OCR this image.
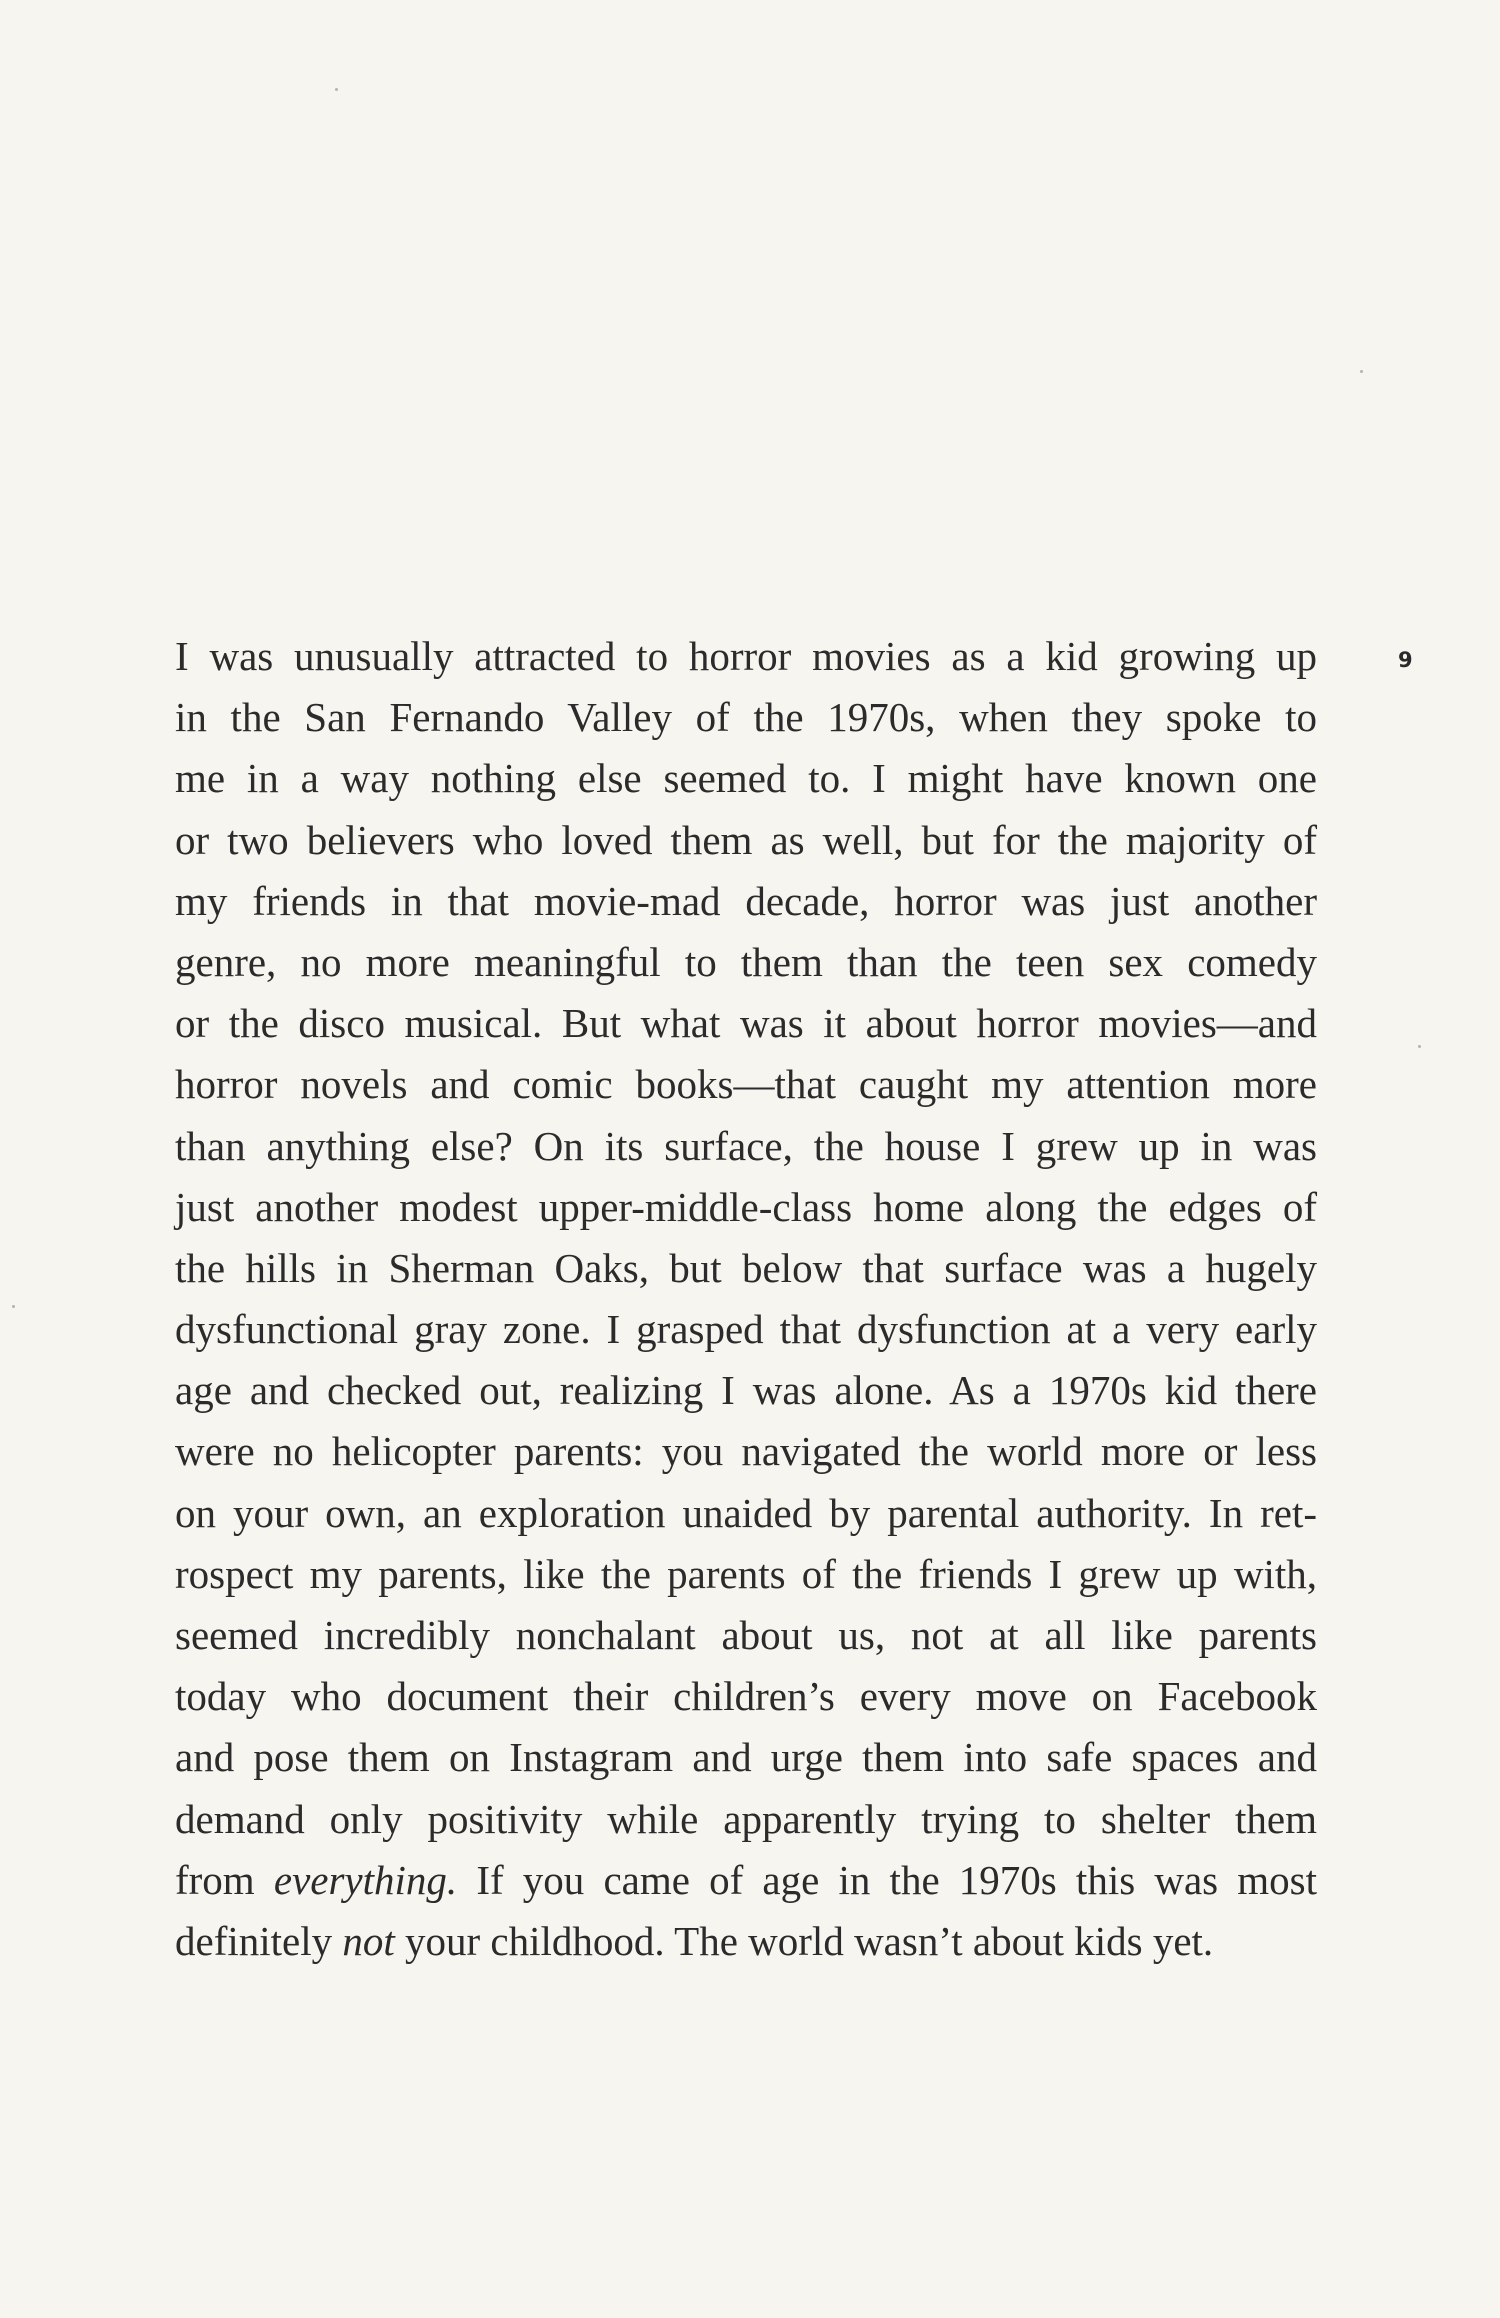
9
I was unusually attracted to horror movies as a kid growing up
in the San Fernando Valley of the 1970s, when they spoke to
me in a way nothing else seemed to. I might have known one
or two believers who loved them as well, but for the majority of
my friends in that movie-mad decade, horror was just another
genre, no more meaningful to them than the teen sex comedy
or the disco musical. But what was it about horror movies—and
horror novels and comic books—that caught my attention more
than anything else? On its surface, the house I grew up in was
just another modest upper-middle-class home along the edges of
the hills in Sherman Oaks, but below that surface was a hugely
dysfunctional gray zone. I grasped that dysfunction at a very early
age and checked out, realizing I was alone. As a 1970s kid there
were no helicopter parents: you navigated the world more or less
on your own, an exploration unaided by parental authority. In ret-
rospect my parents, like the parents of the friends I grew up with,
seemed incredibly nonchalant about us, not at all like parents
today who document their children’s every move on Facebook
and pose them on Instagram and urge them into safe spaces and
demand only positivity while apparently trying to shelter them
from everything. If you came of age in the 1970s this was most
definitely not your childhood. The world wasn’t about kids yet.
